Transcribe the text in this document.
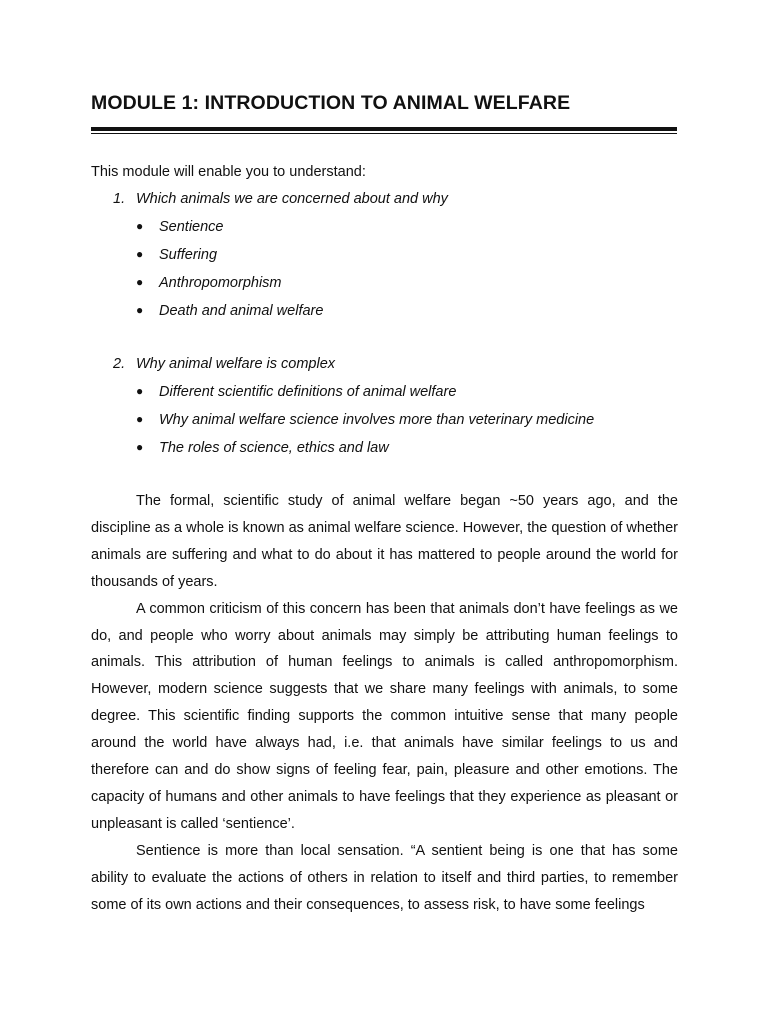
MODULE 1: INTRODUCTION TO ANIMAL WELFARE
This module will enable you to understand:
1. Which animals we are concerned about and why
● Sentience
● Suffering
● Anthropomorphism
● Death and animal welfare
2. Why animal welfare is complex
● Different scientific definitions of animal welfare
● Why animal welfare science involves more than veterinary medicine
● The roles of science, ethics and law

The formal, scientific study of animal welfare began ~50 years ago, and the discipline as a whole is known as animal welfare science. However, the question of whether animals are suffering and what to do about it has mattered to people around the world for thousands of years.

A common criticism of this concern has been that animals don’t have feelings as we do, and people who worry about animals may simply be attributing human feelings to animals. This attribution of human feelings to animals is called anthropomorphism. However, modern science suggests that we share many feelings with animals, to some degree. This scientific finding supports the common intuitive sense that many people around the world have always had, i.e. that animals have similar feelings to us and therefore can and do show signs of feeling fear, pain, pleasure and other emotions. The capacity of humans and other animals to have feelings that they experience as pleasant or unpleasant is called ‘sentience’.

Sentience is more than local sensation. “A sentient being is one that has some ability to evaluate the actions of others in relation to itself and third parties, to remember some of its own actions and their consequences, to assess risk, to have some feelings
